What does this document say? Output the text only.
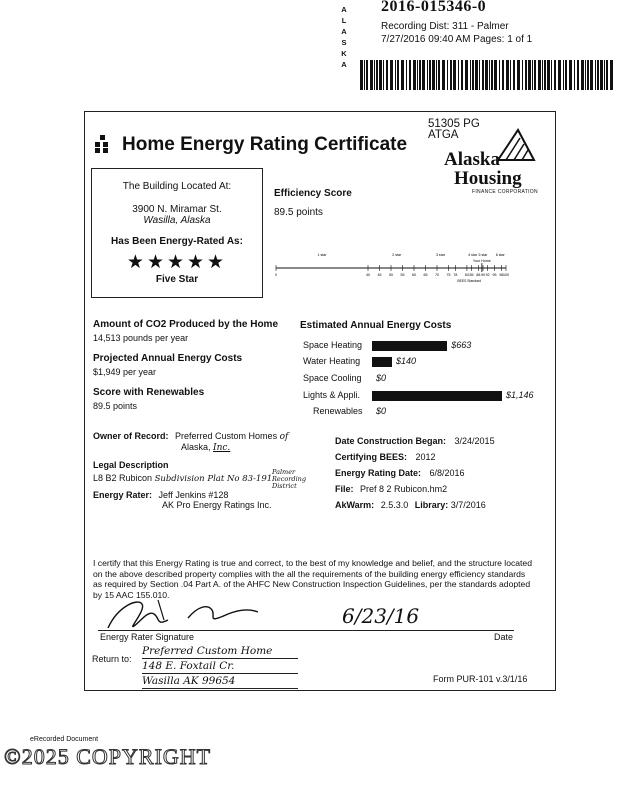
A
L
A
S
K
A
2016-015346-0
Recording Dist: 311 - Palmer
7/27/2016 09:40 AM Pages: 1 of 1
Home Energy Rating Certificate
51305 PG
ATGA
Alaska
Housing
FINANCE CORPORATION
The Building Located At:
3900 N. Miramar St.
Wasilla, Alaska
Has Been Energy-Rated As:
★★★★★
Five Star
Efficiency Score
89.5 points
1 star	2 star	3 star	4 star 5 star 6 star
0	40 45 50 55 60 65 70 75 78 83 85 88 90 92 95 98 100
Your Home
BEES Standard
Amount of CO2 Produced by the Home
14,513 pounds per year
Projected Annual Energy Costs
$1,949 per year
Score with Renewables
89.5 points
Estimated Annual Energy Costs
Owner of Record: Preferred Custom Homes of
Alaska, Inc.
Legal Description
L8 B2 Rubicon Subdivision Plat No 83-191
Palmer Recording District
Energy Rater: Jeff Jenkins #128
AK Pro Energy Ratings Inc.
Date Construction Began: 3/24/2015
Certifying BEES: 2012
Energy Rating Date: 6/8/2016
File: Pref 8 2 Rubicon.hm2
AkWarm: 2.5.3.0 Library: 3/7/2016
I certify that this Energy Rating is true and correct, to the best of my knowledge and belief, and the structure located on the above described property complies with the all the requirements of the building energy efficiency standards as required by Section .04 Part A. of the AHFC New Construction Inspection Guidelines, per the standards adopted by 15 AAC 155.010.
6/23/16
Energy Rater Signature	Date
Return to:
Preferred Custom Home
148 E. Foxtail Cr.
Wasilla AK 99654	Form PUR-101 v.3/1/16
eRecorded Document
©2025 COPYRIGHT
Space Heating	$663
Water Heating	$140
Space Cooling $0
Lights & Appli.	$1,146
Renewables $0
